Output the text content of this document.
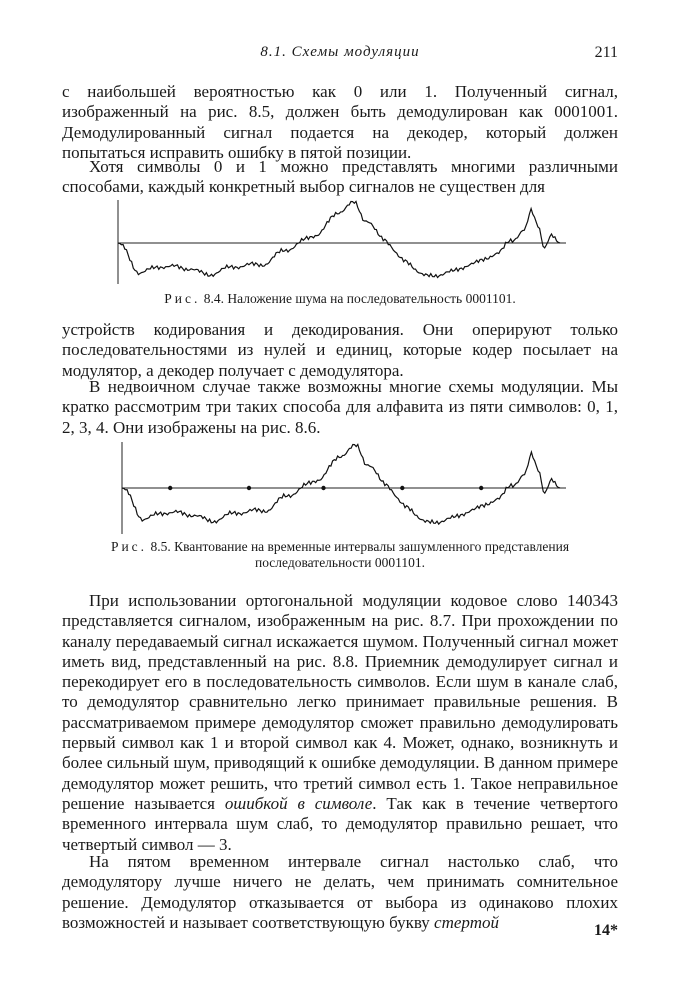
8.1. Схемы модуляции	211

с наибольшей вероятностью как 0 или 1. Полученный сигнал, изображенный на рис. 8.5, должен быть демодулирован как 0001001. Демодулированный сигнал подается на декодер, который должен попытаться исправить ошибку в пятой позиции.

Хотя символы 0 и 1 можно представлять многими различными способами, каждый конкретный выбор сигналов не существен для

Рис. 8.4. Наложение шума на последовательность 0001101.

устройств кодирования и декодирования. Они оперируют только последовательностями из нулей и единиц, которые кодер посылает на модулятор, а декодер получает с демодулятора.

В недвоичном случае также возможны многие схемы модуляции. Мы кратко рассмотрим три таких способа для алфавита из пяти символов: 0, 1, 2, 3, 4. Они изображены на рис. 8.6.

Рис. 8.5. Квантование на временные интервалы зашумленного представления
последовательности 0001101.

При использовании ортогональной модуляции кодовое слово 140343 представляется сигналом, изображенным на рис. 8.7. При прохождении по каналу передаваемый сигнал искажается шумом. Полученный сигнал может иметь вид, представленный на рис. 8.8. Приемник демодулирует сигнал и перекодирует его в последовательность символов. Если шум в канале слаб, то демодулятор сравнительно легко принимает правильные решения. В рассматриваемом примере демодулятор сможет правильно демодулировать первый символ как 1 и второй символ как 4. Может, однако, возникнуть и более сильный шум, приводящий к ошибке демодуляции. В данном примере демодулятор может решить, что третий символ есть 1. Такое неправильное решение называется ошибкой в символе. Так как в течение четвертого временного интервала шум слаб, то демодулятор правильно решает, что четвертый символ — 3.

На пятом временном интервале сигнал настолько слаб, что демодулятору лучше ничего не делать, чем принимать сомнительное решение. Демодулятор отказывается от выбора из одинаково плохих возможностей и называет соответствующую букву стертой	14*
